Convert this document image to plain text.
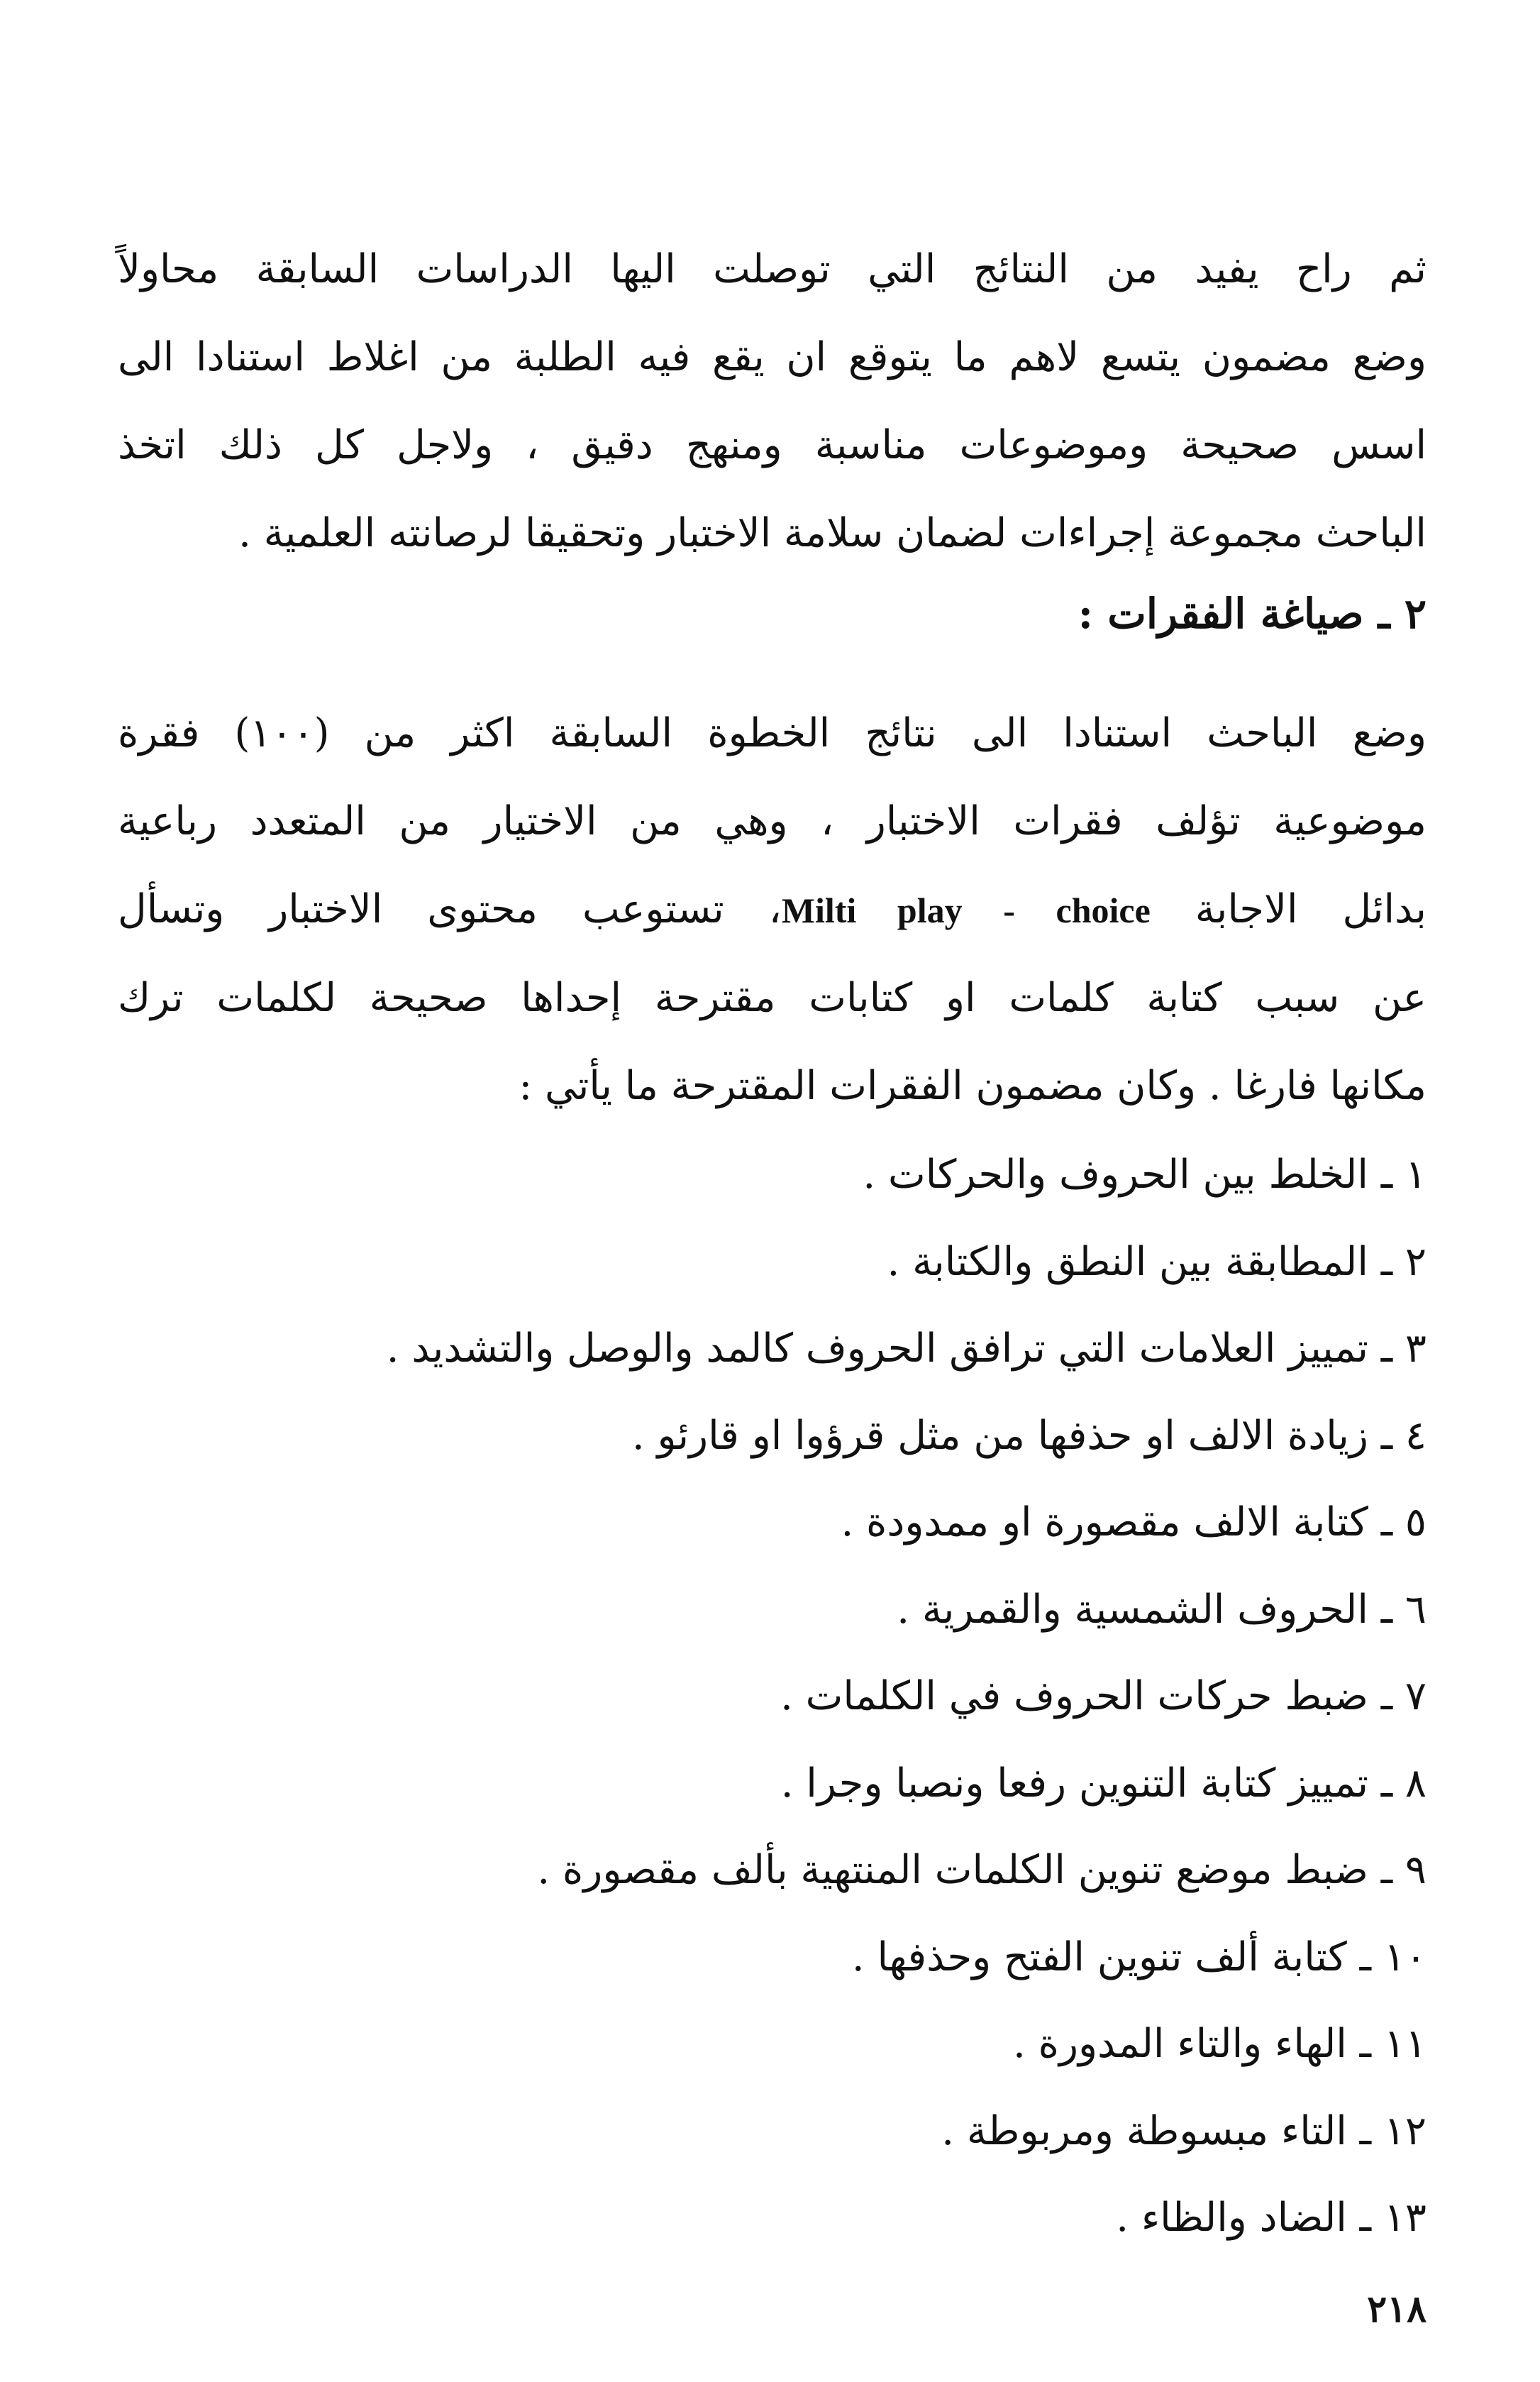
ثم راح يفيد من النتائج التي توصلت اليها الدراسات السابقة محاولاً
وضع مضمون يتسع لاهم ما يتوقع ان يقع فيه الطلبة من اغلاط استنادا الى
اسس صحيحة وموضوعات مناسبة ومنهج دقيق ، ولاجل كل ذلك اتخذ
الباحث مجموعة إجراءات لضمان سلامة الاختبار وتحقيقا لرصانته العلمية .
٢ ـ صياغة الفقرات :
وضع الباحث استنادا الى نتائج الخطوة السابقة اكثر من (١٠٠) فقرة
موضوعية تؤلف فقرات الاختبار ، وهي من الاختيار من المتعدد رباعية
بدائل الاجابة Milti play - choice، تستوعب محتوى الاختبار وتسأل
عن سبب كتابة كلمات او كتابات مقترحة إحداها صحيحة لكلمات ترك
مكانها فارغا . وكان مضمون الفقرات المقترحة ما يأتي :
١ ـ الخلط بين الحروف والحركات .
٢ ـ المطابقة بين النطق والكتابة .
٣ ـ تمييز العلامات التي ترافق الحروف كالمد والوصل والتشديد .
٤ ـ زيادة الالف او حذفها من مثل قرؤوا او قارئو .
٥ ـ كتابة الالف مقصورة او ممدودة .
٦ ـ الحروف الشمسية والقمرية .
٧ ـ ضبط حركات الحروف في الكلمات .
٨ ـ تمييز كتابة التنوين رفعا ونصبا وجرا .
٩ ـ ضبط موضع تنوين الكلمات المنتهية بألف مقصورة .
١٠ ـ كتابة ألف تنوين الفتح وحذفها .
١١ ـ الهاء والتاء المدورة .
١٢ ـ التاء مبسوطة ومربوطة .
١٣ ـ الضاد والظاء .
٢١٨
